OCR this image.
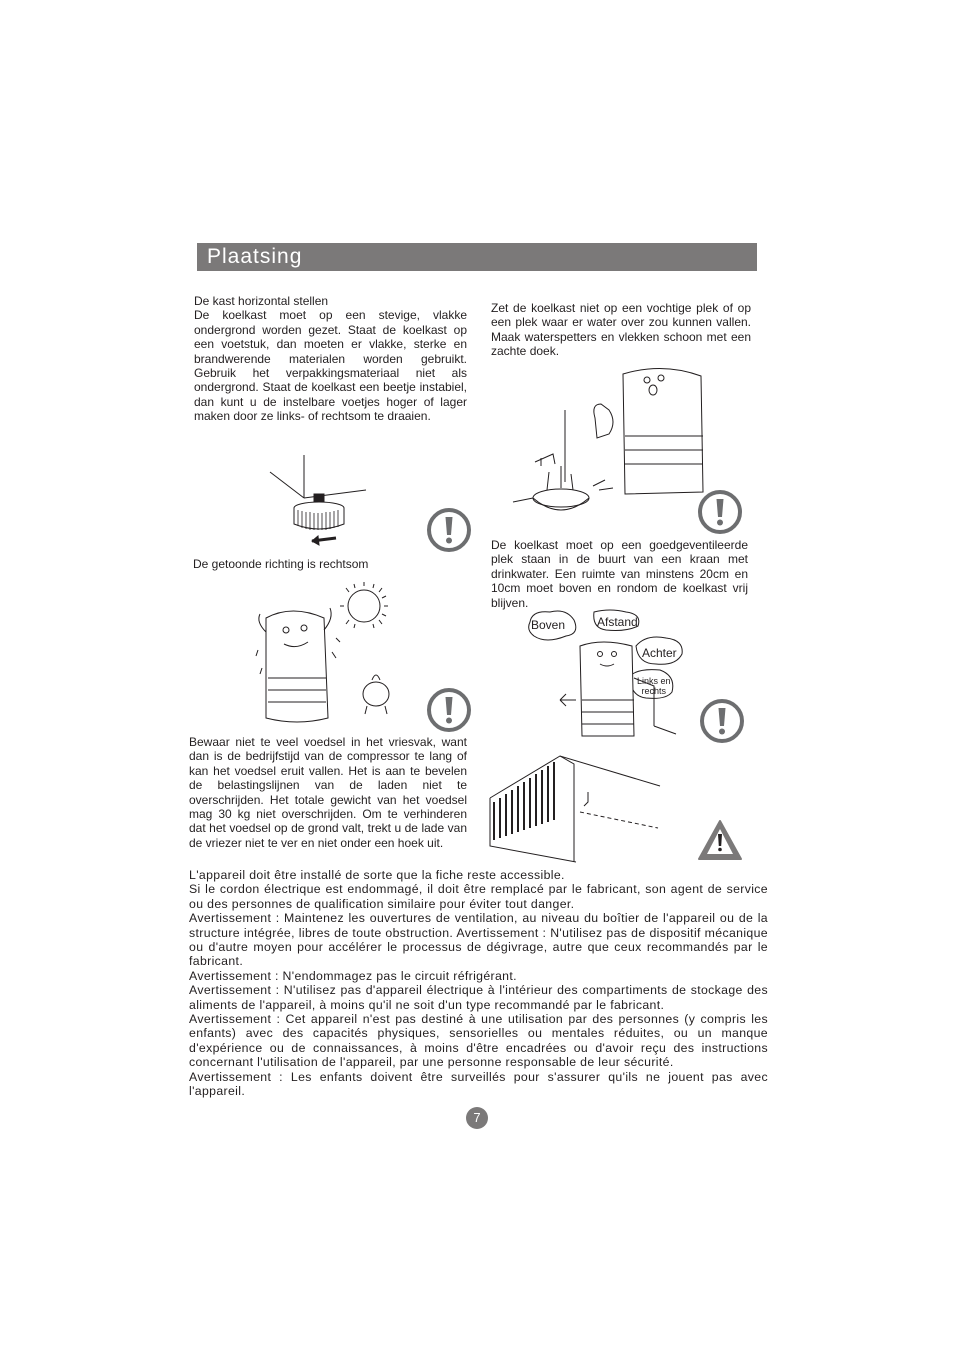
Plaatsing
De kast horizontal stellen
De koelkast moet op een stevige, vlakke ondergrond worden gezet. Staat de koelkast op een voetstuk, dan moeten er vlakke, sterke en brandwerende materialen worden gebruikt. Gebruik het verpakkingsmateriaal niet als ondergrond. Staat de koelkast een beetje instabiel, dan kunt u de instelbare voetjes hoger of lager maken door ze links- of rechtsom te draaien.
De getoonde richting is rechtsom
Bewaar niet te veel voedsel in het vriesvak, want dan is de bedrijfstijd van de compressor te lang of kan het voedsel eruit vallen. Het is aan te bevelen de belastingslijnen van de laden niet te overschrijden. Het totale gewicht van het voedsel mag 30 kg niet overschrijden. Om te verhinderen dat het voedsel op de grond valt, trekt u de lade van de vriezer niet te ver en niet onder een hoek uit.
Zet de koelkast niet op een vochtige plek of op een plek waar er water over zou kunnen vallen. Maak waterspetters en vlekken schoon met een zachte doek.
De koelkast moet op een goedgeventileerde plek staan in de buurt van een kraan met drinkwater. Een ruimte van minstens 20cm en 10cm moet boven en rondom de koelkast vrij blijven.
Boven	Afstand
Achter
Links en
rechts

L'appareil doit être installé de sorte que la fiche reste accessible.

Si le cordon électrique est endommagé, il doit être remplacé par le fabricant, son agent de service ou des personnes de qualification similaire pour éviter tout danger.

Avertissement : Maintenez les ouvertures de ventilation, au niveau du boîtier de l'appareil ou de la structure intégrée, libres de toute obstruction. Avertissement : N'utilisez pas de dispositif mécanique ou d'autre moyen pour accélérer le processus de dégivrage, autre que ceux recommandés par le fabricant.

Avertissement : N'endommagez pas le circuit réfrigérant.

Avertissement : N'utilisez pas d'appareil électrique à l'intérieur des compartiments de stockage des aliments de l'appareil, à moins qu'il ne soit d'un type recommandé par le fabricant.

Avertissement : Cet appareil n'est pas destiné à une utilisation par des personnes (y compris les enfants) avec des capacités physiques, sensorielles ou mentales réduites, ou un manque d'expérience ou de connaissances, à moins d'être encadrées ou d'avoir reçu des instructions concernant l'utilisation de l'appareil, par une personne responsable de leur sécurité.

Avertissement : Les enfants doivent être surveillés pour s'assurer qu'ils ne jouent pas avec l'appareil.

7
